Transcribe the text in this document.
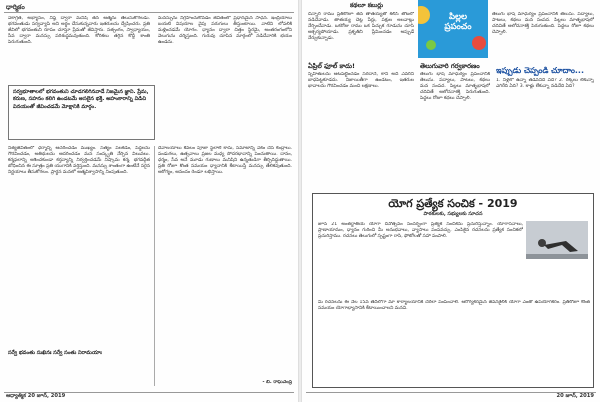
ధార్మికం
ఏకాగ్రత, అభ్యాసం, నిష్ఠ ద్వారా మనిషి తన ఆత్మను తెలుసుకోగలడు. భగవంతుడు సర్వవ్యాపి అని అర్థం చేసుకున్నవారు ఇతరులను ద్వేషించరు. ప్రతి జీవిలో భగవంతుని రూపం చూస్తూ ప్రేమతో జీవిస్తారు. సత్సంగం, స్వాధ్యాయం, సేవ ద్వారా మనస్సు పరిశుద్ధమవుతుంది. కోరికలు తగ్గిన కొద్దీ శాంతి పెరుగుతుంది.
మనస్సును నిగ్రహించుకోవడం జీవితంలో ప్రధానమైన సాధన. ఇంద్రియాలు బయటి విషయాల వైపు పరుగులు తీస్తుంటాయి. వాటిని లోపలికి మళ్లించడమే యోగం. ధ్యానం ద్వారా చిత్తం స్థిరమై, అంతరంగంలోని వెలుగును దర్శిస్తుంది. గురువు చూపిన మార్గంలో నడిచేవారికి భయం ఉండదు.
సర్వభూతాలలో భగవంతుని చూడగలిగినవాడే నిజమైన జ్ఞాని. ప్రేమ, కరుణ, సహనం కలిగి ఉండటమే అసలైన భక్తి. అహంకారాన్ని విడిచి వినయంతో జీవించడమే మోక్షానికి మార్గం.
నిత్యజీవితంలో ధర్మాన్ని ఆచరించడం ముఖ్యం. సత్యం పలకడం, పెద్దలను గౌరవించడం, అతిథులను ఆదరించడం మన సంస్కృతి నేర్పిన విలువలు. కర్మఫలాన్ని ఆశించకుండా కర్తవ్యాన్ని నిర్వర్తించడమే నిష్కామ కర్మ. భగవద్గీత బోధించిన ఈ సూత్రం ప్రతి యుగానికి వర్తిస్తుంది. మనస్సు శాంతంగా ఉంటేనే సరైన నిర్ణయాలు తీసుకోగలం. ప్రార్థన మనలో ఆత్మవిశ్వాసాన్ని నింపుతుంది.
దేవాలయాలు కేవలం పూజా స్థలాలే కాదు, సమాజాన్ని ఏకం చేసే కేంద్రాలు. పండుగలు, ఉత్సవాలు ప్రజల మధ్య సోదరభావాన్ని పెంచుతాయి. దానం, ధర్మం, సేవ అనే మూడు గుణాలు మనిషిని ఉన్నతుడిగా తీర్చిదిద్దుతాయి. ప్రతి రోజూ కొంత సమయం ధ్యానానికి కేటాయిస్తే మనస్సు తేలికవుతుంది. ఆరోగ్యం, ఆనందం రెండూ లభిస్తాయి.
సర్వే భవంతు సుఖినః సర్వే సంతు నిరామయాః
- బి. రాఘవేంద్ర
ఆధ్యాత్మిక 20 జూన్, 2019
కథలూ కబుర్లు
చిన్నారి రాము ప్రతిరోజూ తన తాతయ్యతో కలిసి తోటలో నడిచేవాడు. తాతయ్య చెట్ల పేర్లు, పక్షుల అలవాట్లు నేర్పించేవాడు. ఒకరోజు రాము ఒక పిచ్చుక గూడును చూసి ఆశ్చర్యపోయాడు. ప్రకృతిని ప్రేమించడం అప్పుడే నేర్చుకున్నాడు.
పిల్లల ప్రపంచం
తెలుగు భాష మాధుర్యం ప్రపంచానికి తెలుసు. పద్యాలు, పాటలు, కథలు మన సంపద. పిల్లలు మాతృభాషలో చదివితే ఆలోచనాశక్తి పెరుగుతుంది. పెద్దలు రోజూ కథలు చెప్పాలి.
ఏప్రిల్ ఫూల్ కాదు!
స్నేహితులను ఆటపట్టించడం సరదానే, కానీ అది ఎవరినీ బాధపెట్టకూడదు. నిజాయితీగా ఉండటం, ఇతరుల భావాలను గౌరవించడం మంచి లక్షణాలు.
తెలుగువారి గర్వకారణం
తెలుగు భాష మాధుర్యం ప్రపంచానికి తెలుసు. పద్యాలు, పాటలు, కథలు మన సంపద. పిల్లలు మాతృభాషలో చదివితే ఆలోచనాశక్తి పెరుగుతుంది. పెద్దలు రోజూ కథలు చెప్పాలి.
ఇప్పుడు చెప్పండి చూదాం...
1. నీళ్లలో ఉన్నా తడవనిది ఏది? 2. రెక్కలు లేకున్నా ఎగిరేది ఏది? 3. కాళ్లు లేకున్నా నడిచేది ఏది?
యోగ ప్రత్యేక సంచిక - 2019
పాఠకులకు, సభ్యులకు సూచన
జూన్ 21 అంతర్జాతీయ యోగా దినోత్సవం సందర్భంగా ప్రత్యేక సంచికను ప్రచురిస్తున్నాం. యోగాసనాలు, ప్రాణాయామం, ధ్యానం గురించి మీ అనుభవాలు, వ్యాసాలు పంపవచ్చు. ఎంపికైన రచనలను ప్రత్యేక సంచికలో ప్రచురిస్తాము. రచనలు తెలుగులో స్పష్టంగా రాసి, ఫోటోలతో సహా పంపాలి.
మీ రచనలను ఈ నెల 15వ తేదీలోగా మా కార్యాలయానికి చేరేలా పంపించాలి. ఆరోగ్యకరమైన జీవనశైలికి యోగా ఎంతో ఉపయోగకరం. ప్రతిరోజూ కొంత సమయం యోగాభ్యాసానికి కేటాయించాలని మనవి.
20 జూన్, 2019
